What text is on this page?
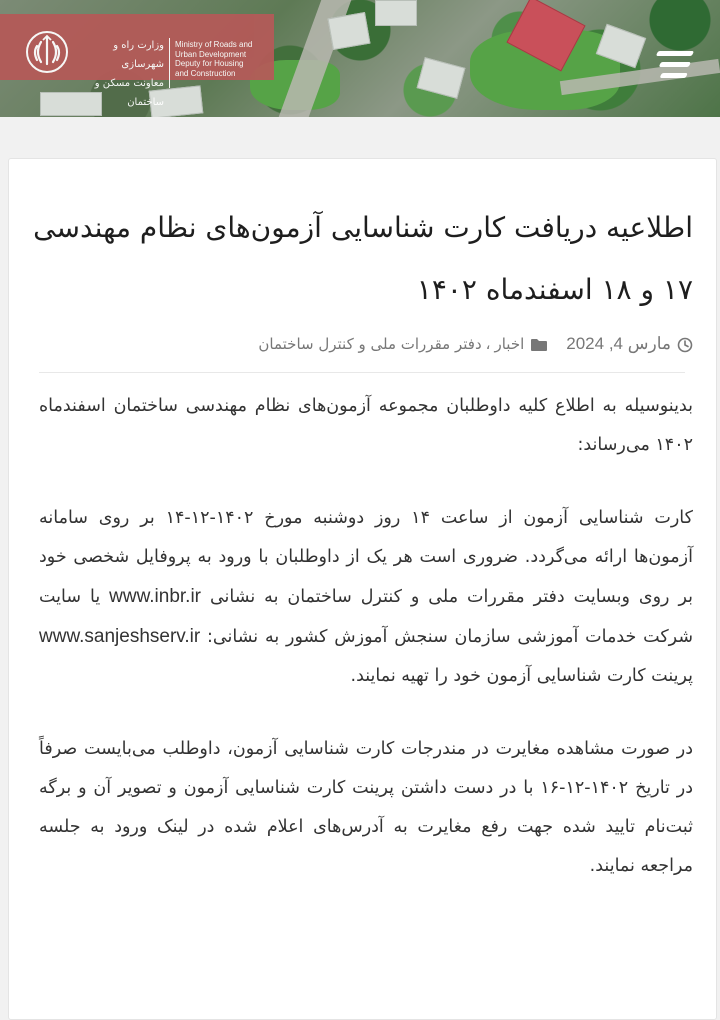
وزارت راه و شهرسازی
معاونت مسکن و ساختمان
Ministry of Roads and
Urban Development
Deputy for Housing
and Construction
اطلاعیه دریافت کارت شناسایی آزمون‌های نظام مهندسی ۱۷ و ۱۸ اسفندماه ۱۴۰۲
مارس 4, 2024اخبار،دفتر مقررات ملی و کنترل ساختمان

بدینوسیله به اطلاع کلیه داوطلبان مجموعه آزمون‌های نظام مهندسی ساختمان اسفندماه ۱۴۰۲ می‌رساند:

کارت شناسایی آزمون از ساعت ۱۴ روز دوشنبه مورخ ۱۴۰۲-۱۲-۱۴ بر روی سامانه آزمون‌ها ارائه می‌گردد. ضروری است هر یک از داوطلبان با ورود به پروفایل شخصی خود بر روی وبسایت دفتر مقررات ملی و کنترل ساختمان به نشانی www.inbr.ir یا سایت شرکت خدمات آموزشی سازمان سنجش آموزش کشور به نشانی: www.sanjeshserv.ir پرینت کارت شناسایی آزمون خود را تهیه نمایند.

در صورت مشاهده مغایرت در مندرجات کارت شناسایی آزمون، داوطلب می‌بایست صرفاً در تاریخ ۱۴۰۲-۱۲-۱۶ با در دست داشتن پرینت کارت شناسایی آزمون و تصویر آن و برگه ثبت‌نام تایید شده جهت رفع مغایرت به آدرس‌های اعلام شده در لینک ورود به جلسه مراجعه نمایند.
